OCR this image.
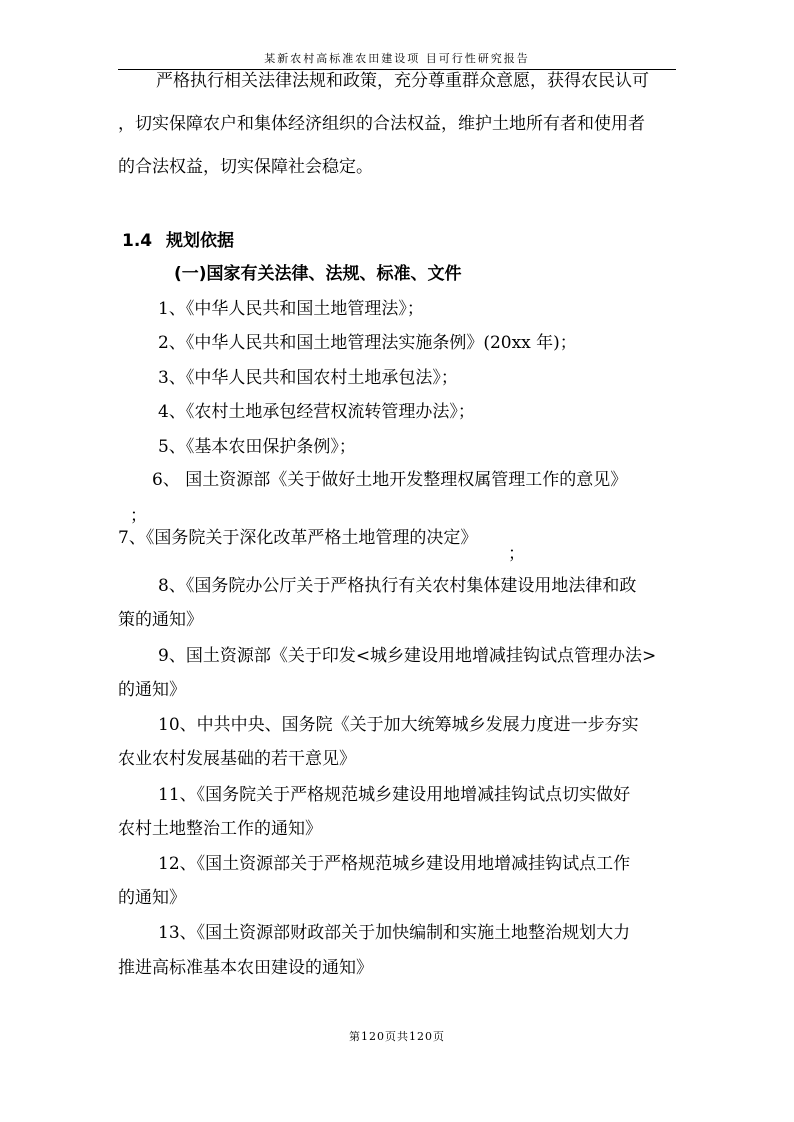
某新农村高标准农田建设项 目可行性研究报告
严格执行相关法律法规和政策，充分尊重群众意愿，获得农民认可
，切实保障农户和集体经济组织的合法权益，维护土地所有者和使用者
的合法权益，切实保障社会稳定。
1.4 规划依据
(一)国家有关法律、法规、标准、文件
1、《中华人民共和国土地管理法》；
2、《中华人民共和国土地管理法实施条例》(20xx 年)；
3、《中华人民共和国农村土地承包法》；
4、《农村土地承包经营权流转管理办法》；
5、《基本农田保护条例》；
6、 国土资源部《关于做好土地开发整理权属管理工作的意见》
；
7、《国务院关于深化改革严格土地管理的决定》
；
8、《国务院办公厅关于严格执行有关农村集体建设用地法律和政
策的通知》
9、国土资源部《关于印发<城乡建设用地增减挂钩试点管理办法>
的通知》
10、中共中央、国务院《关于加大统筹城乡发展力度进一步夯实
农业农村发展基础的若干意见》
11、《国务院关于严格规范城乡建设用地增减挂钩试点切实做好
农村土地整治工作的通知》
12、《国土资源部关于严格规范城乡建设用地增减挂钩试点工作
的通知》
13、《国土资源部财政部关于加快编制和实施土地整治规划大力
推进高标准基本农田建设的通知》
第120页共120页
